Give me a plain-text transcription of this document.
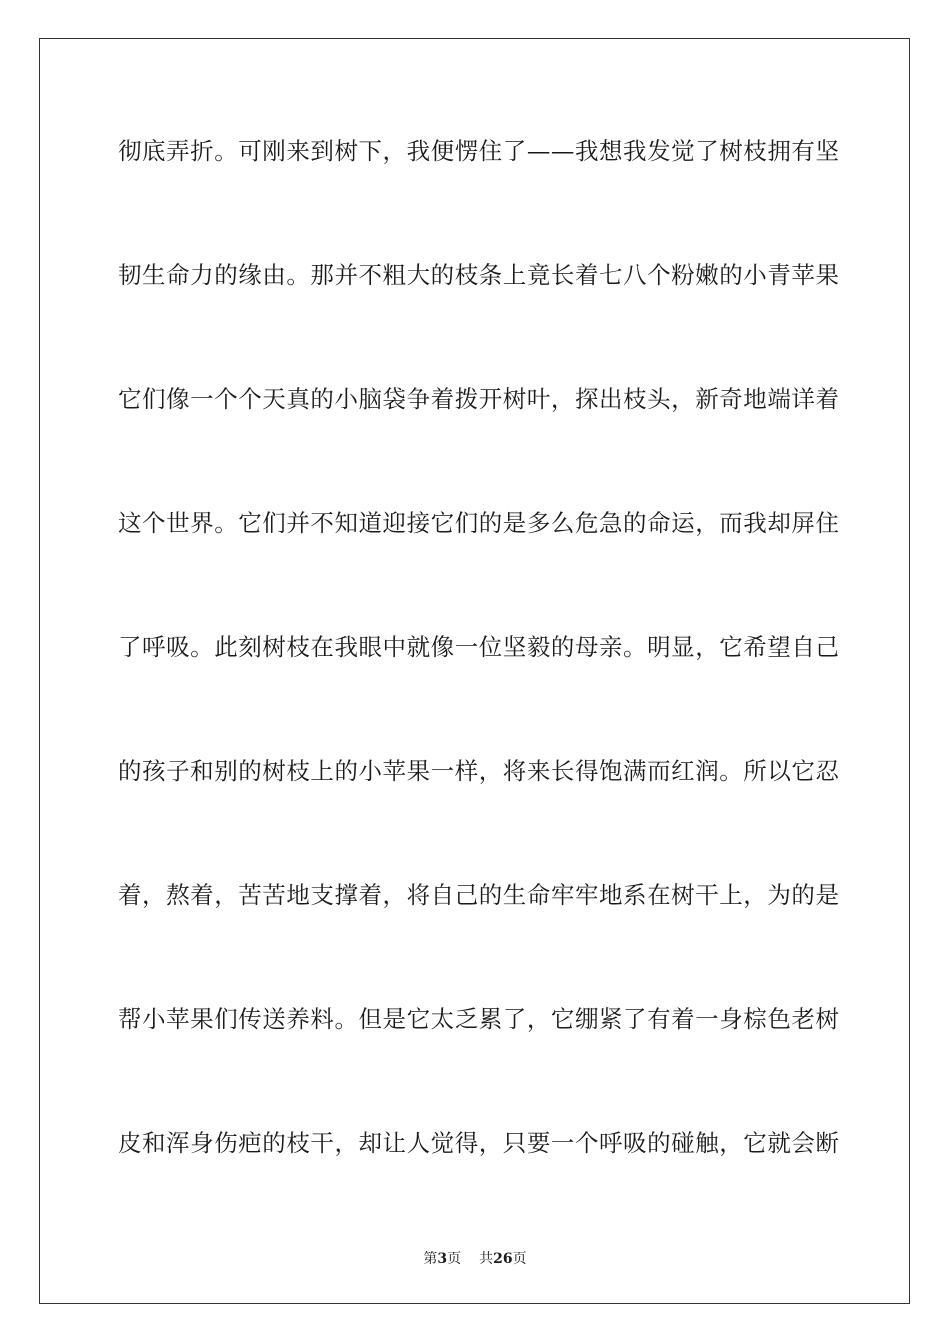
彻底弄折。可刚来到树下，我便愣住了——我想我发觉了树枝拥有坚
韧生命力的缘由。那并不粗大的枝条上竟长着七八个粉嫩的小青苹果
它们像一个个天真的小脑袋争着拨开树叶，探出枝头，新奇地端详着
这个世界。它们并不知道迎接它们的是多么危急的命运，而我却屏住
了呼吸。此刻树枝在我眼中就像一位坚毅的母亲。明显，它希望自己
的孩子和别的树枝上的小苹果一样，将来长得饱满而红润。所以它忍
着，熬着，苦苦地支撑着，将自己的生命牢牢地系在树干上，为的是
帮小苹果们传送养料。但是它太乏累了，它绷紧了有着一身棕色老树
皮和浑身伤疤的枝干，却让人觉得，只要一个呼吸的碰触，它就会断
第3页 共26页
